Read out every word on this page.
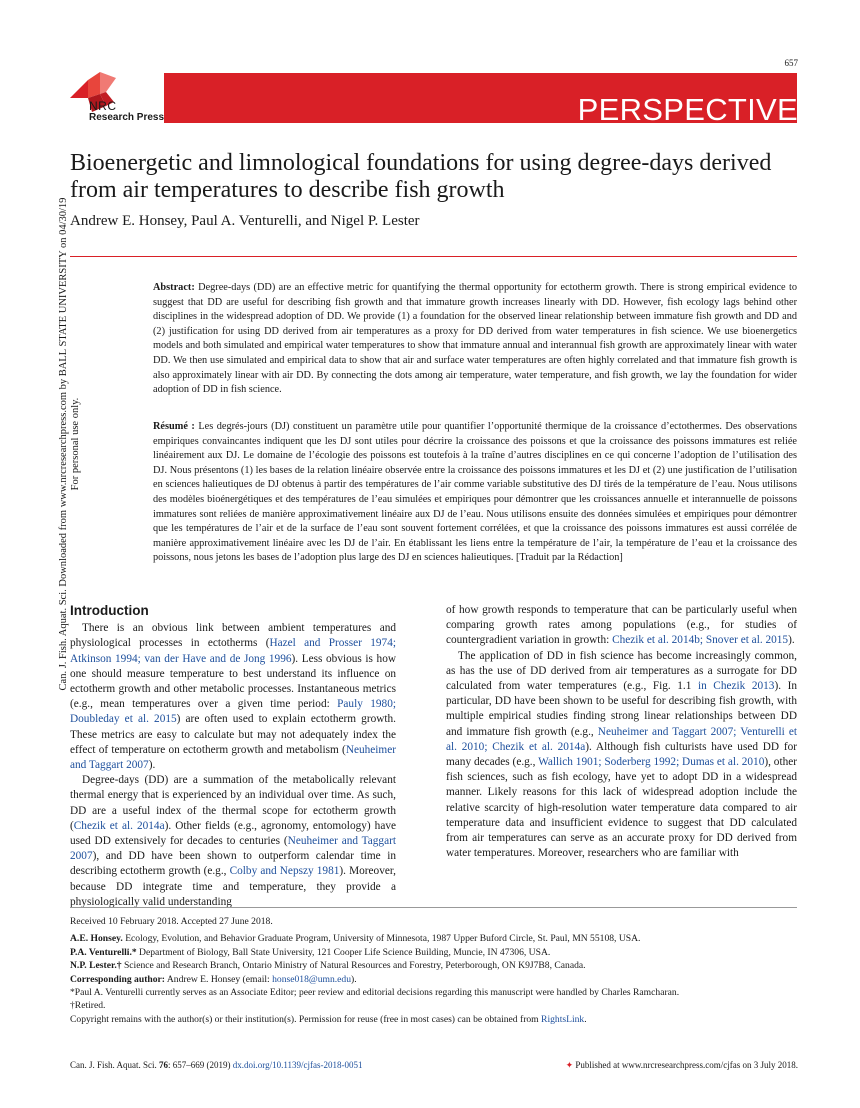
Can. J. Fish. Aquat. Sci. Downloaded from www.nrcresearchpress.com by BALL STATE UNIVERSITY on 04/30/19 For personal use only.
657
NRC
Research Press	PERSPECTIVE
Bioenergetic and limnological foundations for using degree-days derived from air temperatures to describe fish growth
Andrew E. Honsey, Paul A. Venturelli, and Nigel P. Lester
Abstract: Degree-days (DD) are an effective metric for quantifying the thermal opportunity for ectotherm growth. There is strong empirical evidence to suggest that DD are useful for describing fish growth and that immature growth increases linearly with DD. However, fish ecology lags behind other disciplines in the widespread adoption of DD. We provide (1) a foundation for the observed linear relationship between immature fish growth and DD and (2) justification for using DD derived from air temperatures as a proxy for DD derived from water temperatures in fish science. We use bioenergetics models and both simulated and empirical water temperatures to show that immature annual and interannual fish growth are approximately linear with water DD. We then use simulated and empirical data to show that air and surface water temperatures are often highly correlated and that immature fish growth is also approximately linear with air DD. By connecting the dots among air temperature, water temperature, and fish growth, we lay the foundation for wider adoption of DD in fish science.
Résumé : Les degrés-jours (DJ) constituent un paramètre utile pour quantifier l’opportunité thermique de la croissance d’ectothermes. Des observations empiriques convaincantes indiquent que les DJ sont utiles pour décrire la croissance des poissons et que la croissance des poissons immatures est reliée linéairement aux DJ. Le domaine de l’écologie des poissons est toutefois à la traîne d’autres disciplines en ce qui concerne l’adoption de l’utilisation des DJ. Nous présentons (1) les bases de la relation linéaire observée entre la croissance des poissons immatures et les DJ et (2) une justification de l’utilisation en sciences halieutiques de DJ obtenus à partir des températures de l’air comme variable substitutive des DJ tirés de la température de l’eau. Nous utilisons des modèles bioénergétiques et des températures de l’eau simulées et empiriques pour démontrer que les croissances annuelle et interannuelle de poissons immatures sont reliées de manière approximativement linéaire aux DJ de l’eau. Nous utilisons ensuite des données simulées et empiriques pour démontrer que les températures de l’air et de la surface de l’eau sont souvent fortement corrélées, et que la croissance des poissons immatures est aussi corrélée de manière approximativement linéaire avec les DJ de l’air. En établissant les liens entre la température de l’air, la température de l’eau et la croissance des poissons, nous jetons les bases de l’adoption plus large des DJ en sciences halieutiques. [Traduit par la Rédaction]
Introduction

There is an obvious link between ambient temperatures and physiological processes in ectotherms (Hazel and Prosser 1974; Atkinson 1994; van der Have and de Jong 1996). Less obvious is how one should measure temperature to best understand its influence on ectotherm growth and other metabolic processes. Instantaneous metrics (e.g., mean temperatures over a given time period: Pauly 1980; Doubleday et al. 2015) are often used to explain ectotherm growth. These metrics are easy to calculate but may not adequately index the effect of temperature on ectotherm growth and metabolism (Neuheimer and Taggart 2007).

Degree-days (DD) are a summation of the metabolically relevant thermal energy that is experienced by an individual over time. As such, DD are a useful index of the thermal scope for ectotherm growth (Chezik et al. 2014a). Other fields (e.g., agronomy, entomology) have used DD extensively for decades to centuries (Neuheimer and Taggart 2007), and DD have been shown to outperform calendar time in describing ectotherm growth (e.g., Colby and Nepszy 1981). Moreover, because DD integrate time and temperature, they provide a physiologically valid understanding

of how growth responds to temperature that can be particularly useful when comparing growth rates among populations (e.g., for studies of countergradient variation in growth: Chezik et al. 2014b; Snover et al. 2015).

The application of DD in fish science has become increasingly common, as has the use of DD derived from air temperatures as a surrogate for DD calculated from water temperatures (e.g., Fig. 1.1 in Chezik 2013). In particular, DD have been shown to be useful for describing fish growth, with multiple empirical studies finding strong linear relationships between DD and immature fish growth (e.g., Neuheimer and Taggart 2007; Venturelli et al. 2010; Chezik et al. 2014a). Although fish culturists have used DD for many decades (e.g., Wallich 1901; Soderberg 1992; Dumas et al. 2010), other fish sciences, such as fish ecology, have yet to adopt DD in a widespread manner. Likely reasons for this lack of widespread adoption include the relative scarcity of high-resolution water temperature data compared to air temperature data and insufficient evidence to suggest that DD calculated from air temperatures can serve as an accurate proxy for DD derived from water temperatures. Moreover, researchers who are familiar with

Received 10 February 2018. Accepted 27 June 2018.
A.E. Honsey. Ecology, Evolution, and Behavior Graduate Program, University of Minnesota, 1987 Upper Buford Circle, St. Paul, MN 55108, USA.
P.A. Venturelli.* Department of Biology, Ball State University, 121 Cooper Life Science Building, Muncie, IN 47306, USA.
N.P. Lester.† Science and Research Branch, Ontario Ministry of Natural Resources and Forestry, Peterborough, ON K9J7B8, Canada.
Corresponding author: Andrew E. Honsey (email: honse018@umn.edu).
*Paul A. Venturelli currently serves as an Associate Editor; peer review and editorial decisions regarding this manuscript were handled by Charles Ramcharan.
†Retired.
Copyright remains with the author(s) or their institution(s). Permission for reuse (free in most cases) can be obtained from RightsLink.
Can. J. Fish. Aquat. Sci. 76: 657–669 (2019) dx.doi.org/10.1139/cjfas-2018-0051	✦ Published at www.nrcresearchpress.com/cjfas on 3 July 2018.
